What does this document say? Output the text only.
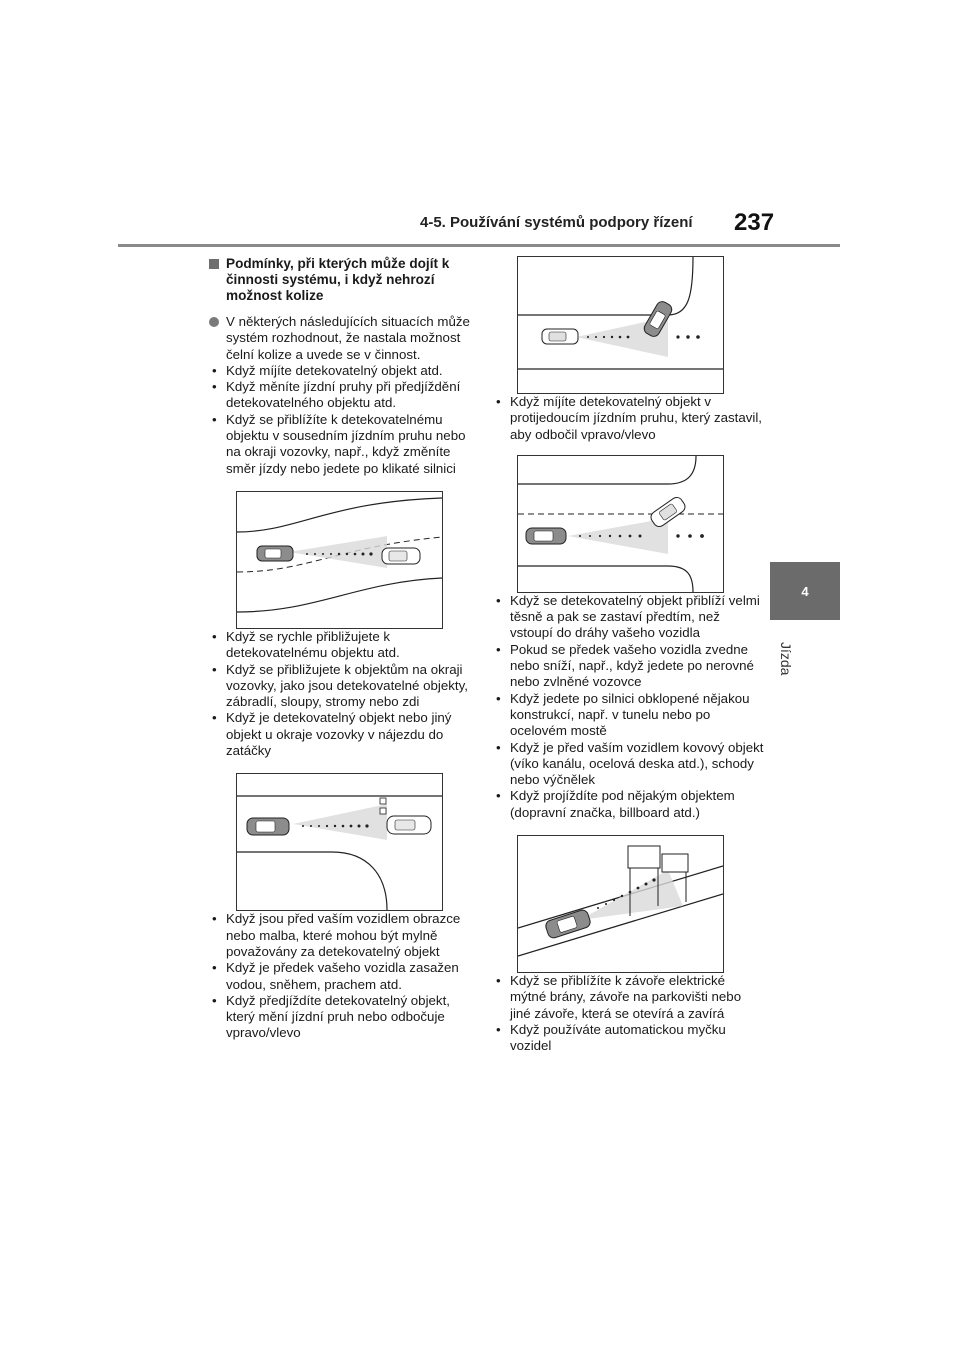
4-5. Používání systémů podpory řízení	237
4
Jízda
Podmínky, při kterých může dojít k činnosti systému, i když nehrozí možnost kolize
V některých následujících situacích může systém rozhodnout, že nastala možnost čelní kolize a uvede se v činnost.
• Když míjíte detekovatelný objekt atd.
• Když měníte jízdní pruhy při předjíždění detekovatelného objektu atd.
• Když se přiblížíte k detekovatelnému objektu v sousedním jízdním pruhu nebo na okraji vozovky, např., když změníte směr jízdy nebo jedete po klikaté silnici
• Když se rychle přibližujete k detekovatelnému objektu atd.
• Když se přibližujete k objektům na okraji vozovky, jako jsou detekovatelné objekty, zábradlí, sloupy, stromy nebo zdi
• Když je detekovatelný objekt nebo jiný objekt u okraje vozovky v nájezdu do zatáčky
• Když jsou před vaším vozidlem obrazce nebo malba, které mohou být mylně považovány za detekovatelný objekt
• Když je předek vašeho vozidla zasažen vodou, sněhem, prachem atd.
• Když předjíždíte detekovatelný objekt, který mění jízdní pruh nebo odbočuje vpravo/vlevo
• Když míjíte detekovatelný objekt v protijedoucím jízdním pruhu, který zastavil, aby odbočil vpravo/vlevo
• Když se detekovatelný objekt přiblíží velmi těsně a pak se zastaví předtím, než vstoupí do dráhy vašeho vozidla
• Pokud se předek vašeho vozidla zvedne nebo sníží, např., když jedete po nerovné nebo zvlněné vozovce
• Když jedete po silnici obklopené nějakou konstrukcí, např. v tunelu nebo po ocelovém mostě
• Když je před vaším vozidlem kovový objekt (víko kanálu, ocelová deska atd.), schody nebo výčnělek
• Když projíždíte pod nějakým objektem (dopravní značka, billboard atd.)
• Když se přiblížíte k závoře elektrické mýtné brány, závoře na parkovišti nebo jiné závoře, která se otevírá a zavírá
• Když používáte automatickou myčku vozidel
